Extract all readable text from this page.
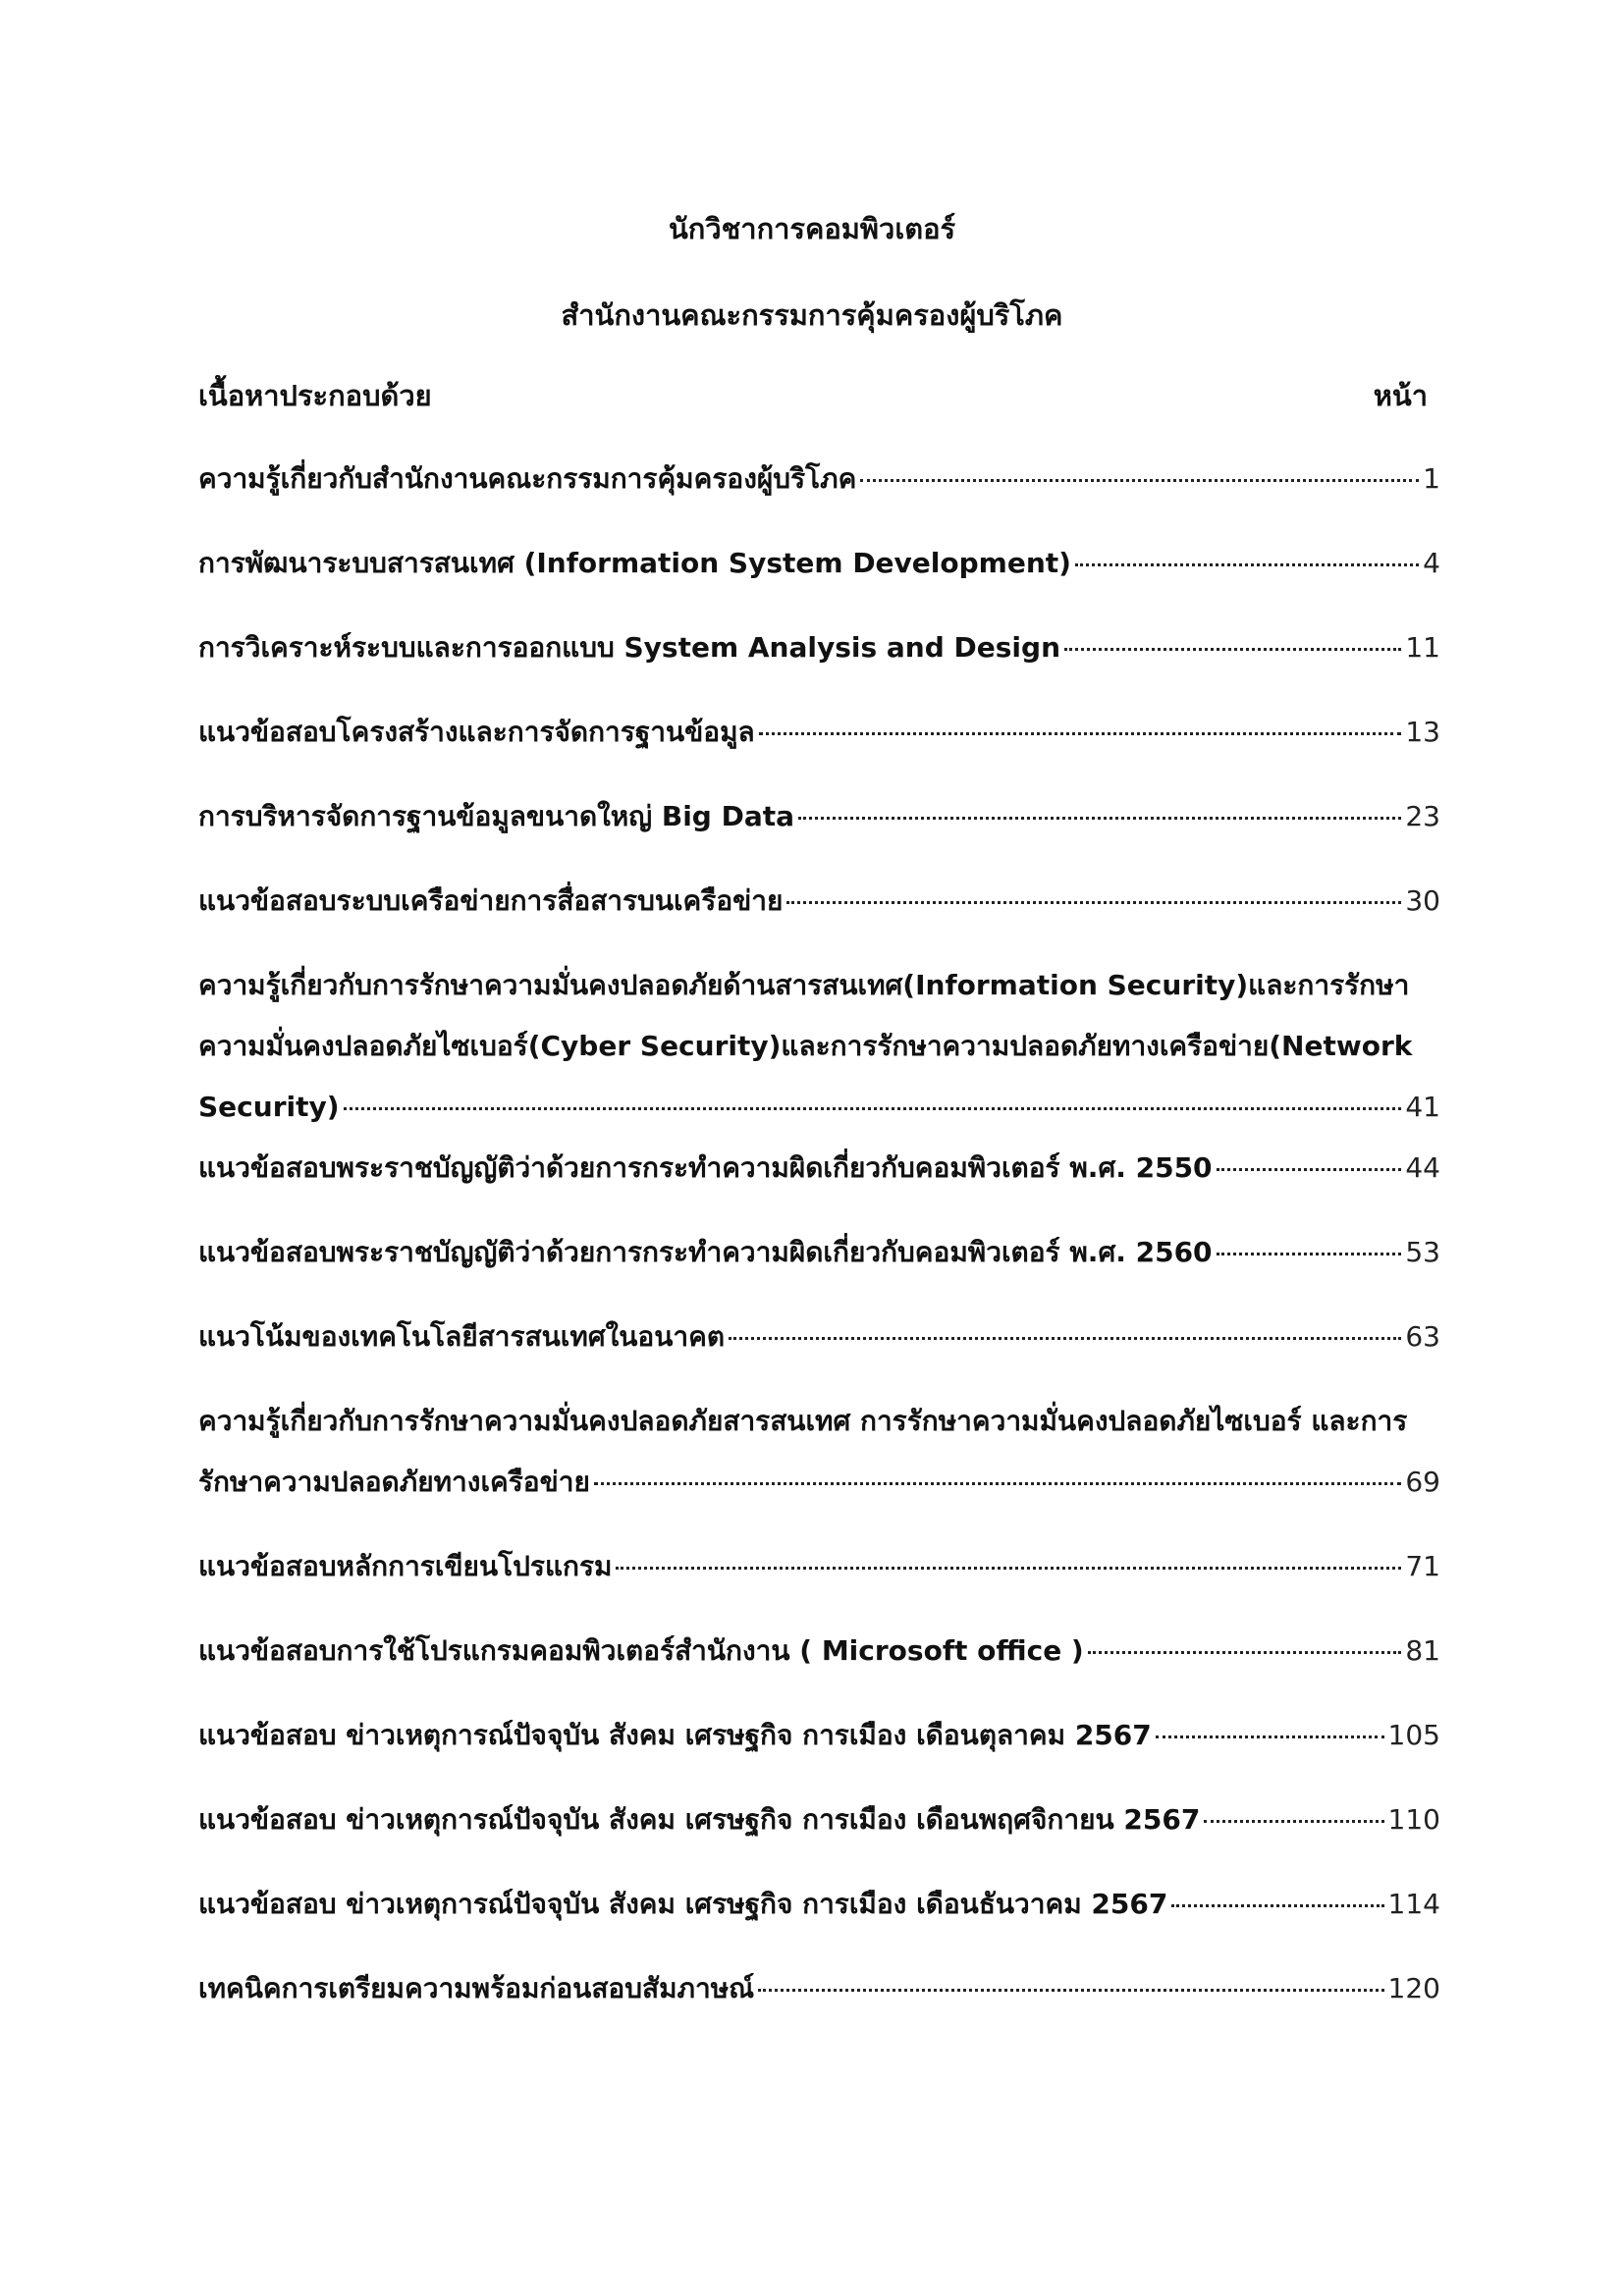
นักวิชาการคอมพิวเตอร์
สำนักงานคณะกรรมการคุ้มครองผู้บริโภค
เนื้อหาประกอบด้วย	หน้า
ความรู้เกี่ยวกับสำนักงานคณะกรรมการคุ้มครองผู้บริโภค	1
การพัฒนาระบบสารสนเทศ (Information System Development)	4
การวิเคราะห์ระบบและการออกแบบ System Analysis and Design	11
แนวข้อสอบโครงสร้างและการจัดการฐานข้อมูล	13
การบริหารจัดการฐานข้อมูลขนาดใหญ่ Big Data	23
แนวข้อสอบระบบเครือข่ายการสื่อสารบนเครือข่าย	30
ความรู้เกี่ยวกับการรักษาความมั่นคงปลอดภัยด้านสารสนเทศ(Information Security)และการรักษา
ความมั่นคงปลอดภัยไซเบอร์(Cyber Security)และการรักษาความปลอดภัยทางเครือข่าย(Network
Security)	41
แนวข้อสอบพระราชบัญญัติว่าด้วยการกระทำความผิดเกี่ยวกับคอมพิวเตอร์ พ.ศ. 2550	44
แนวข้อสอบพระราชบัญญัติว่าด้วยการกระทำความผิดเกี่ยวกับคอมพิวเตอร์ พ.ศ. 2560	53
แนวโน้มของเทคโนโลยีสารสนเทศในอนาคต	63
ความรู้เกี่ยวกับการรักษาความมั่นคงปลอดภัยสารสนเทศ การรักษาความมั่นคงปลอดภัยไซเบอร์ และการ
รักษาความปลอดภัยทางเครือข่าย	69
แนวข้อสอบหลักการเขียนโปรแกรม	71
แนวข้อสอบการใช้โปรแกรมคอมพิวเตอร์สำนักงาน ( Microsoft office )	81
แนวข้อสอบ ข่าวเหตุการณ์ปัจจุบัน สังคม เศรษฐกิจ การเมือง เดือนตุลาคม 2567	105
แนวข้อสอบ ข่าวเหตุการณ์ปัจจุบัน สังคม เศรษฐกิจ การเมือง เดือนพฤศจิกายน 2567	110
แนวข้อสอบ ข่าวเหตุการณ์ปัจจุบัน สังคม เศรษฐกิจ การเมือง เดือนธันวาคม 2567	114
เทคนิคการเตรียมความพร้อมก่อนสอบสัมภาษณ์	120
